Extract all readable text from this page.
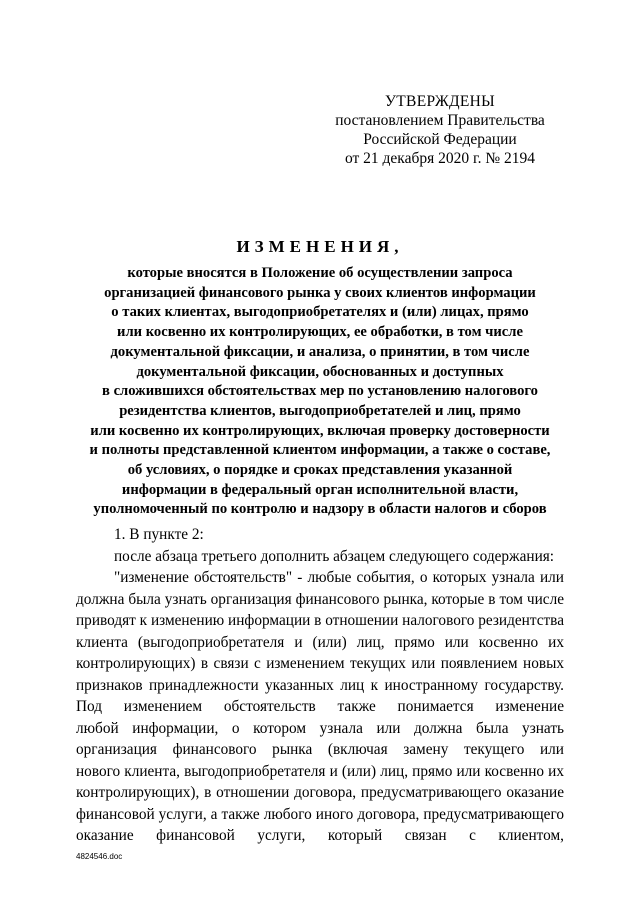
УТВЕРЖДЕНЫ
постановлением Правительства
Российской Федерации
от 21 декабря 2020 г. № 2194
ИЗМЕНЕНИЯ,
которые вносятся в Положение об осуществлении запроса
организацией финансового рынка у своих клиентов информации
о таких клиентах, выгодоприобретателях и (или) лицах, прямо
или косвенно их контролирующих, ее обработки, в том числе
документальной фиксации, и анализа, о принятии, в том числе
документальной фиксации, обоснованных и доступных
в сложившихся обстоятельствах мер по установлению налогового
резидентства клиентов, выгодоприобретателей и лиц, прямо
или косвенно их контролирующих, включая проверку достоверности
и полноты представленной клиентом информации, а также о составе,
об условиях, о порядке и сроках представления указанной
информации в федеральный орган исполнительной власти,
уполномоченный по контролю и надзору в области налогов и сборов
1. В пункте 2:
после абзаца третьего дополнить абзацем следующего содержания:
"изменение обстоятельств" - любые события, о которых узнала или
должна была узнать организация финансового рынка, которые в том числе
приводят к изменению информации в отношении налогового резидентства
клиента (выгодоприобретателя и (или) лиц, прямо или косвенно их
контролирующих) в связи с изменением текущих или появлением новых
признаков принадлежности указанных лиц к иностранному государству.
Под изменением обстоятельств также понимается изменение
любой информации, о котором узнала или должна была узнать
организация финансового рынка (включая замену текущего или
нового клиента, выгодоприобретателя и (или) лиц, прямо или косвенно их
контролирующих), в отношении договора, предусматривающего оказание
финансовой услуги, а также любого иного договора, предусматривающего
оказание финансовой услуги, который связан с клиентом,
4824546.doc
